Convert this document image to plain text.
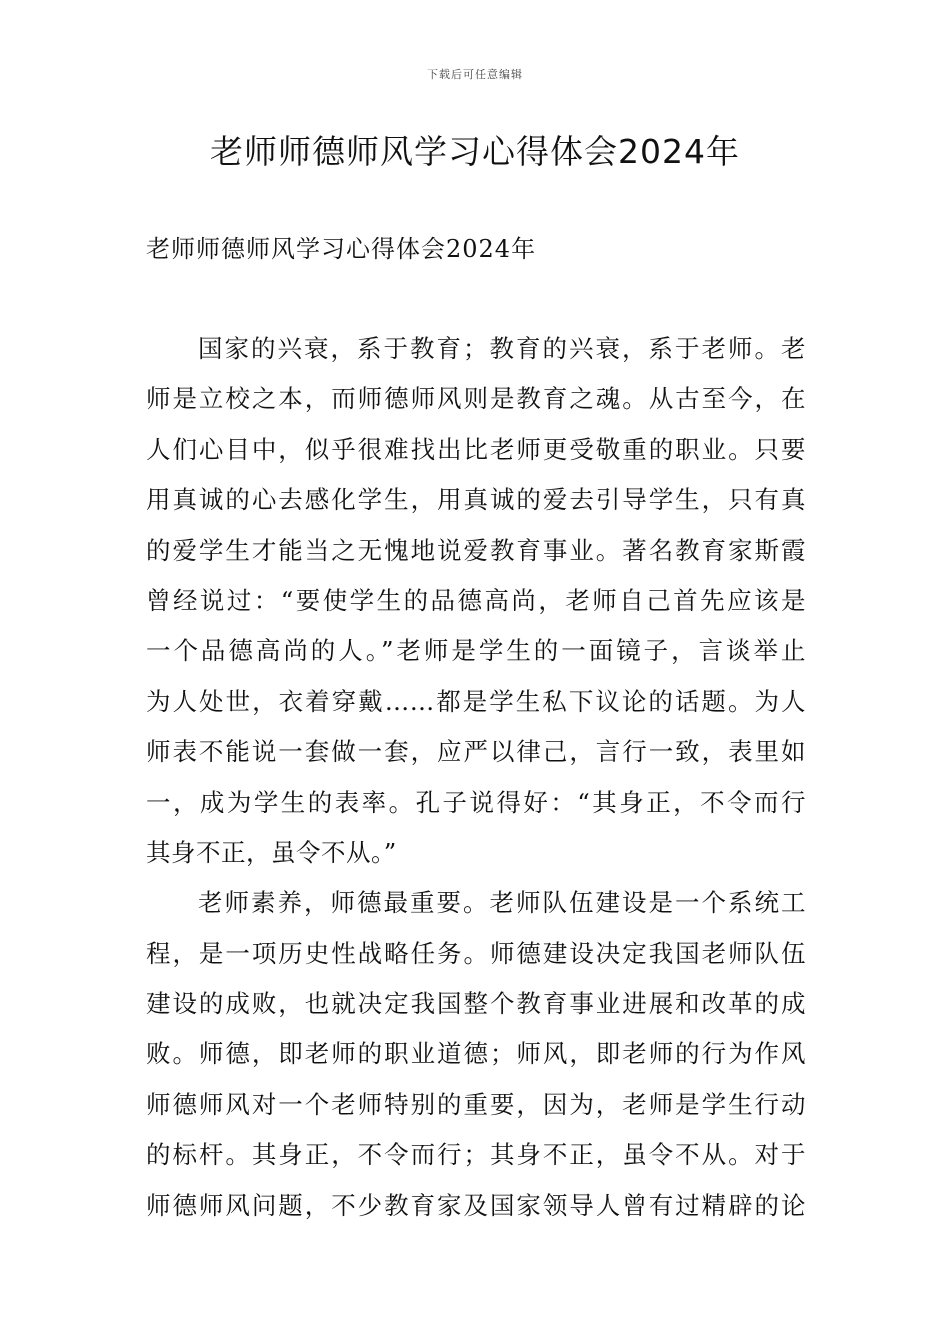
下载后可任意编辑
老师师德师风学习心得体会2024年
老师师德师风学习心得体会2024年
国家的兴衰，系于教育；教育的兴衰，系于老师。老
师是立校之本，而师德师风则是教育之魂。从古至今，在
人们心目中，似乎很难找出比老师更受敬重的职业。只要
用真诚的心去感化学生，用真诚的爱去引导学生，只有真
的爱学生才能当之无愧地说爱教育事业。著名教育家斯霞
曾经说过：“要使学生的品德高尚，老师自己首先应该是
一个品德高尚的人。”老师是学生的一面镜子，言谈举止
为人处世，衣着穿戴……都是学生私下议论的话题。为人
师表不能说一套做一套，应严以律己，言行一致，表里如
一，成为学生的表率。孔子说得好：“其身正，不令而行
其身不正，虽令不从。”
老师素养，师德最重要。老师队伍建设是一个系统工
程，是一项历史性战略任务。师德建设决定我国老师队伍
建设的成败，也就决定我国整个教育事业进展和改革的成
败。师德，即老师的职业道德；师风，即老师的行为作风
师德师风对一个老师特别的重要，因为，老师是学生行动
的标杆。其身正，不令而行；其身不正，虽令不从。对于
师德师风问题，不少教育家及国家领导人曾有过精辟的论
